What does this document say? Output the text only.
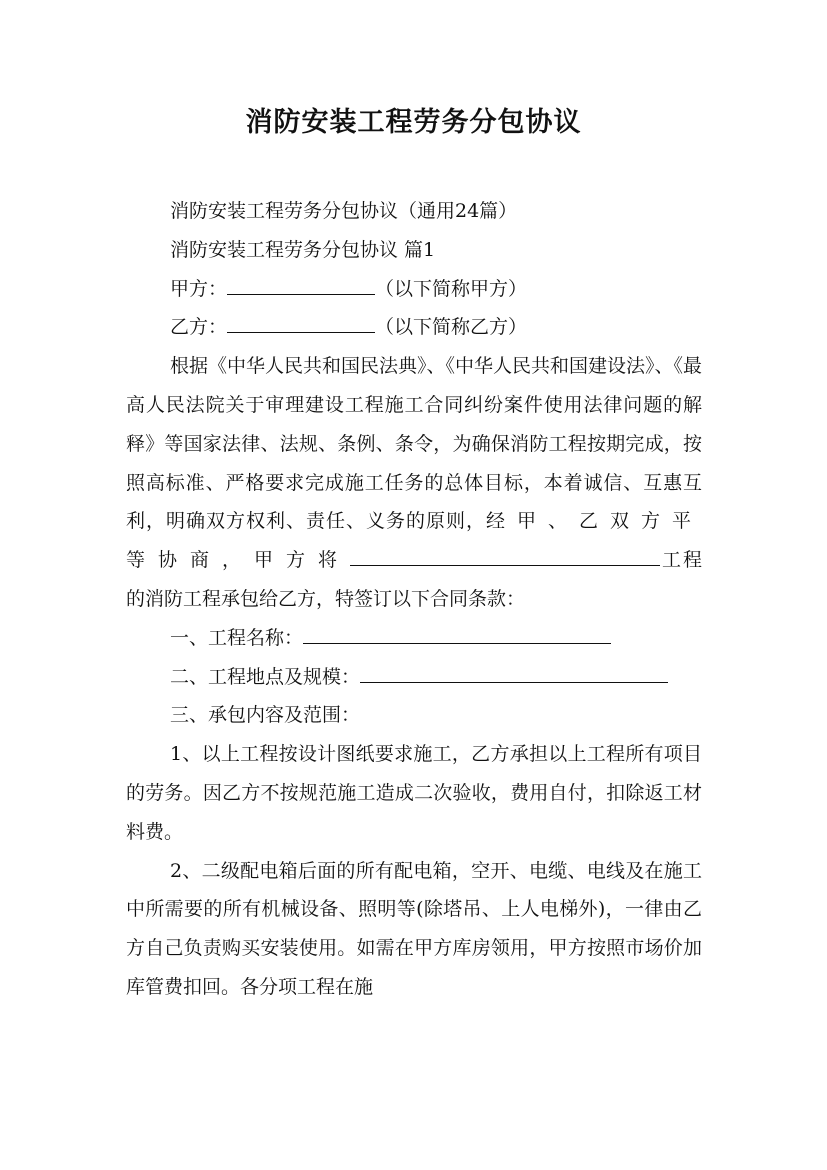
消防安装工程劳务分包协议

消防安装工程劳务分包协议（通用24篇）

消防安装工程劳务分包协议 篇1

甲方：	（以下简称甲方）

乙方：	（以下简称乙方）

根据《中华人民共和国民法典》、《中华人民共和国建设法》、《最高人民法院关于审理建设工程施工合同纠纷案件使用法律问题的解释》等国家法律、法规、条例、条令，为确保消防工程按期完成，按照高标准、严格要求完成施工任务的总体目标，本着诚信、互惠互利，明确双方权利、责任、义务的原则，经甲、乙双方平等协商，甲方将	工程的消防工程承包给乙方，特签订以下合同条款：

一、工程名称：

二、工程地点及规模：

三、承包内容及范围：

1、以上工程按设计图纸要求施工，乙方承担以上工程所有项目的劳务。因乙方不按规范施工造成二次验收，费用自付，扣除返工材料费。

2、二级配电箱后面的所有配电箱，空开、电缆、电线及在施工中所需要的所有机械设备、照明等(除塔吊、上人电梯外)，一律由乙方自己负责购买安装使用。如需在甲方库房领用，甲方按照市场价加库管费扣回。各分项工程在施
